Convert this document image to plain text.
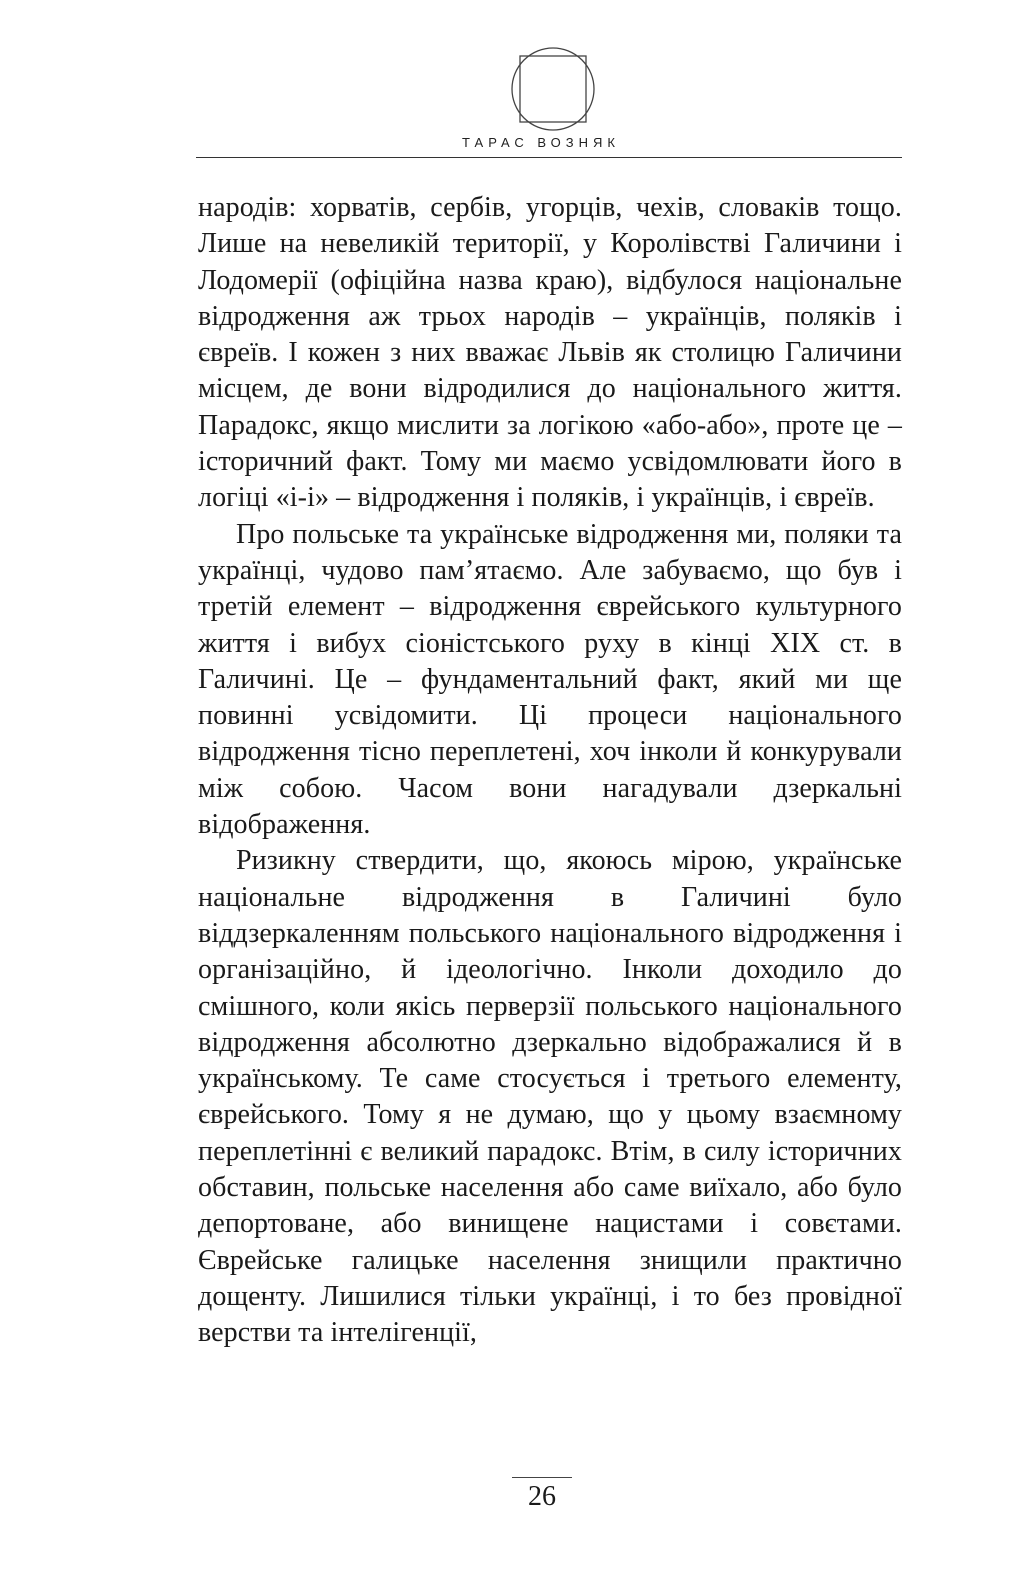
ТАРАС ВОЗНЯК

народів: хорватів, сербів, угорців, чехів, словаків тощо. Лише на невеликій території, у Королівстві Галичини і Лодомерії (офіційна назва краю), відбулося національне відродження аж трьох народів – українців, поляків і євреїв. І кожен з них вважає Львів як столицю Галичини місцем, де вони відродилися до національного життя. Парадокс, якщо мислити за логікою «або-або», проте це – історичний факт. Тому ми маємо усвідомлювати його в логіці «і-і» – відродження і поляків, і українців, і євреїв.

Про польське та українське відродження ми, поляки та українці, чудово пам’ятаємо. Але забуваємо, що був і третій елемент – відродження єврейського культурного життя і вибух сіоністського руху в кінці XIX ст. в Галичині. Це – фундаментальний факт, який ми ще повинні усвідомити. Ці процеси національного відродження тісно переплетені, хоч інколи й конкурували між собою. Часом вони нагадували дзеркальні відображення.

Ризикну ствердити, що, якоюсь мірою, українське національне відродження в Галичині було віддзеркаленням польського національного відродження і організаційно, й ідеологічно. Інколи доходило до смішного, коли якісь перверзії польського національного відродження абсолютно дзеркально відображалися й в українському. Те саме стосується і третього елементу, єврейського. Тому я не думаю, що у цьому взаємному переплетінні є великий парадокс. Втім, в силу історичних обставин, польське населення або саме виїхало, або було депортоване, або винищене нацистами і совєтами. Єврейське галицьке населення знищили практично дощенту. Лишилися тільки українці, і то без провідної верстви та інтелігенції,

26
